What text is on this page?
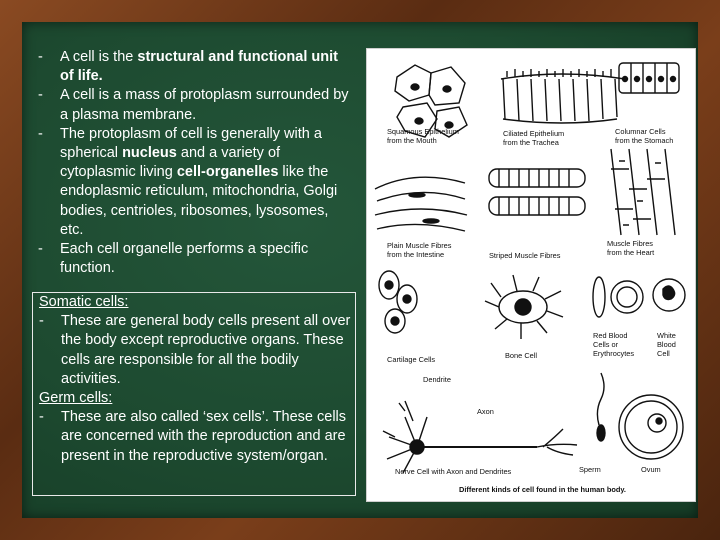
- A cell is the structural and functional unit of life.
- A cell is a mass of protoplasm surrounded by a plasma membrane.
- The protoplasm of cell is generally with a spherical nucleus and a variety of cytoplasmic living cell-organelles like the endoplasmic reticulum, mitochondria, Golgi bodies, centrioles, ribosomes, lysosomes, etc.
- Each cell organelle performs a specific function.
Somatic cells:
- These are general body cells present all over the body except reproductive organs. These cells are responsible for all the bodily activities.
Germ cells:
- These are also called ‘sex cells’. These cells are concerned with the reproduction and are present in the reproductive system/organ.
Squamous Epithelium
from the Mouth
Ciliated Epithelium
from the Trachea
Columnar Cells
from the Stomach
Plain Muscle Fibres
from the Intestine	Striped Muscle Fibres
Muscle Fibres
from the Heart
Cartilage Cells	Bone Cell
Red Blood
Cells or
Erythrocytes
White
Blood
Cell
Dendrite
Axon
Nerve Cell with Axon and Dendrites	Sperm	Ovum
Different kinds of cell found in the human body.
